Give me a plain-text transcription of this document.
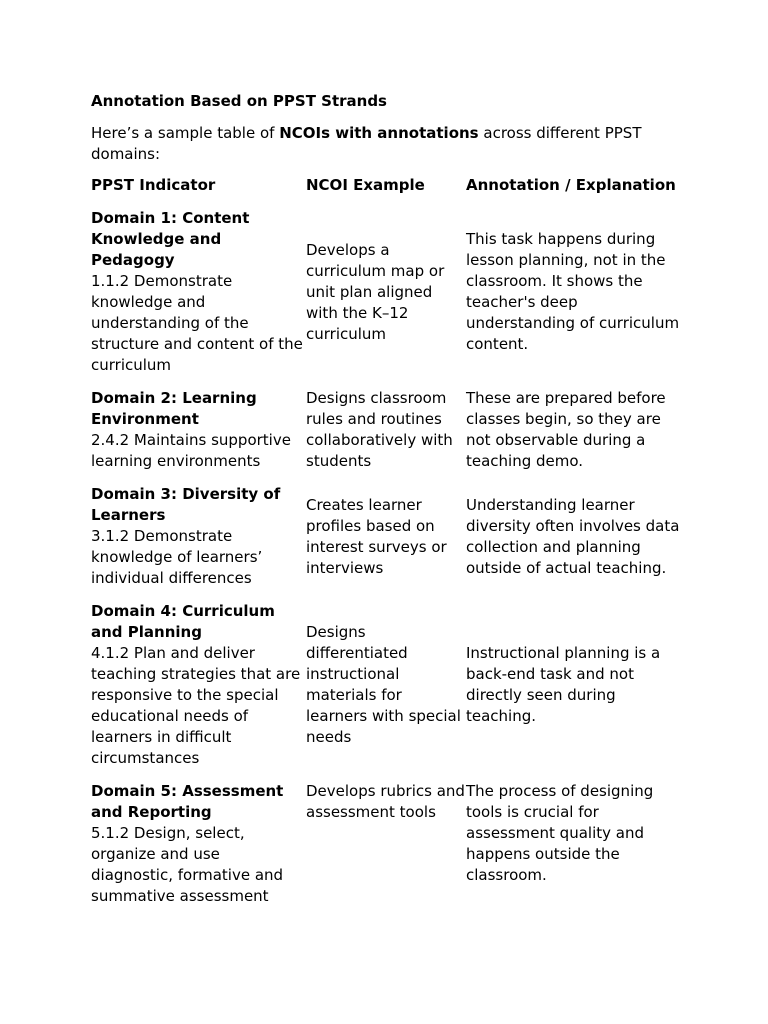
Annotation Based on PPST Strands
Here’s a sample table of NCOIs with annotations across different PPST domains:
PPST Indicator	NCOI Example	Annotation / Explanation

Domain 1: Content Knowledge and Pedagogy
1.1.2 Demonstrate knowledge and understanding of the structure and content of the curriculum	Develops a curriculum map or unit plan aligned with the K–12 curriculum	This task happens during lesson planning, not in the classroom. It shows the teacher's deep understanding of curriculum content.

Domain 2: Learning Environment
2.4.2 Maintains supportive learning environments	Designs classroom rules and routines collaboratively with students	These are prepared before classes begin, so they are not observable during a teaching demo.

Domain 3: Diversity of Learners
3.1.2 Demonstrate knowledge of learners’ individual differences	Creates learner profiles based on interest surveys or interviews	Understanding learner diversity often involves data collection and planning outside of actual teaching.

Domain 4: Curriculum and Planning
4.1.2 Plan and deliver teaching strategies that are responsive to the special educational needs of learners in difficult circumstances	Designs differentiated instructional materials for learners with special needs	Instructional planning is a back-end task and not directly seen during teaching.

Domain 5: Assessment and Reporting
5.1.2 Design, select, organize and use diagnostic, formative and summative assessment	Develops rubrics and assessment tools	The process of designing tools is crucial for assessment quality and happens outside the classroom.
